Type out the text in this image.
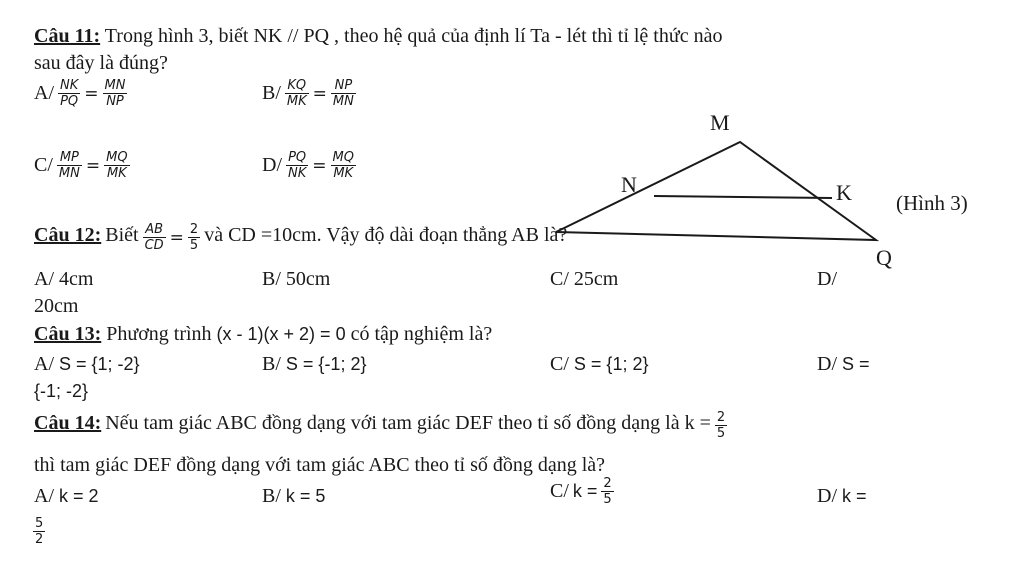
Câu 11: Trong hình 3, biết NK // PQ , theo hệ quả của định lí Ta - lét thì tỉ lệ thức nào
sau đây là đúng?
$A/ \frac{NK}{PQ} = \frac{MN}{NP}$	$B/ \frac{KQ}{MK} = \frac{NP}{MN}$
$C/ \frac{MP}{MN} = \frac{MQ}{MK}$	$D/ \frac{PQ}{NK} = \frac{MQ}{MK}$
M
N	K
Q
(Hình 3)
Câu 12: Biết $\frac{AB}{CD} = \frac{2}{5}$ và CD =10cm. Vậy độ dài đoạn thẳng AB là?
A/ 4cm	B/ 50cm	C/ 25cm	D/
20cm
Câu 13: Phương trình (x - 1)(x + 2) = 0 có tập nghiệm là?
A/ S = {1; -2}	B/ S = {-1; 2}	C/ S = {1; 2}	D/ S =
{-1; -2}
Câu 14: Nếu tam giác ABC đồng dạng với tam giác DEF theo tỉ số đồng dạng là $k = \frac{2}{5}$
thì tam giác DEF đồng dạng với tam giác ABC theo tỉ số đồng dạng là?
A/ k = 2	B/ k = 5	C/ $k = \frac{2}{5}$	D/ k =
$\frac{5}{2}$
